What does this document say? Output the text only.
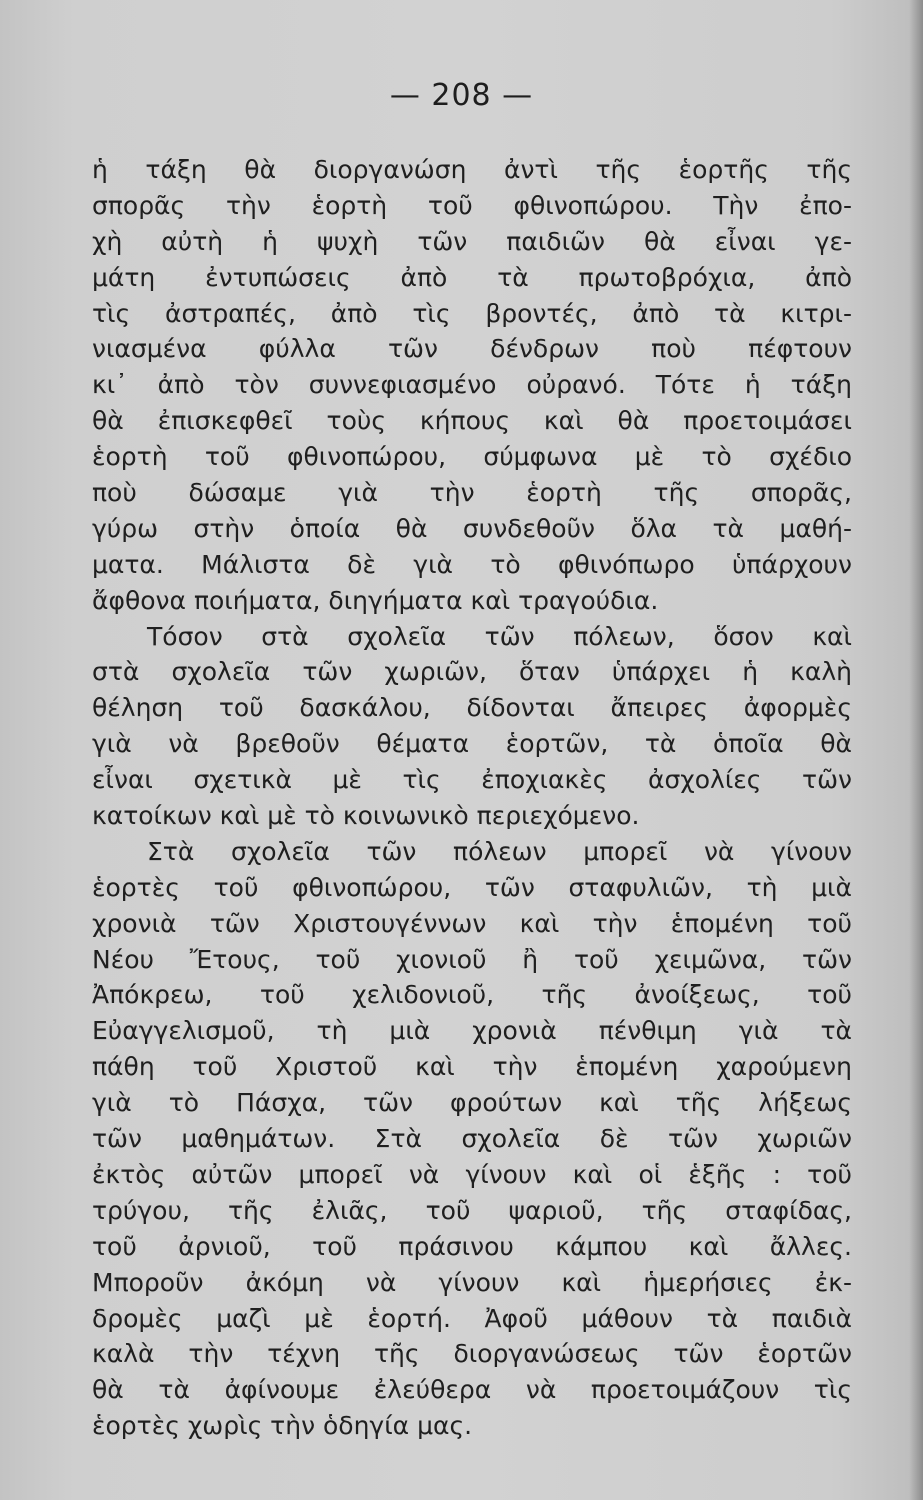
— 208 —
ἡ τάξη θὰ διοργανώση ἀντὶ τῆς ἑορτῆς τῆς
σπορᾶς τὴν ἑορτὴ τοῦ φθινοπώρου. Τὴν ἐπο-
χὴ αὐτὴ ἡ ψυχὴ τῶν παιδιῶν θὰ εἶναι γε-
μάτη ἐντυπώσεις ἀπὸ τὰ πρωτοβρόχια, ἀπὸ
τὶς ἀστραπές, ἀπὸ τὶς βροντές, ἀπὸ τὰ κιτρι-
νιασμένα φύλλα τῶν δένδρων ποὺ πέφτουν
κι᾽ ἀπὸ τὸν συννεφιασμένο οὐρανό. Τότε ἡ τάξη
θὰ ἐπισκεφθεῖ τοὺς κήπους καὶ θὰ προετοιμάσει
ἑορτὴ τοῦ φθινοπώρου, σύμφωνα μὲ τὸ σχέδιο
ποὺ δώσαμε γιὰ τὴν ἑορτὴ τῆς σπορᾶς,
γύρω στὴν ὁποία θὰ συνδεθοῦν ὅλα τὰ μαθή-
ματα. Μάλιστα δὲ γιὰ τὸ φθινόπωρο ὑπάρχουν
ἄφθονα ποιήματα, διηγήματα καὶ τραγούδια.
Τόσον στὰ σχολεῖα τῶν πόλεων, ὅσον καὶ
στὰ σχολεῖα τῶν χωριῶν, ὅταν ὑπάρχει ἡ καλὴ
θέληση τοῦ δασκάλου, δίδονται ἄπειρες ἀφορμὲς
γιὰ νὰ βρεθοῦν θέματα ἑορτῶν, τὰ ὁποῖα θὰ
εἶναι σχετικὰ μὲ τὶς ἐποχιακὲς ἀσχολίες τῶν
κατοίκων καὶ μὲ τὸ κοινωνικὸ περιεχόμενο.
Στὰ σχολεῖα τῶν πόλεων μπορεῖ νὰ γίνουν
ἑορτὲς τοῦ φθινοπώρου, τῶν σταφυλιῶν, τὴ μιὰ
χρονιὰ τῶν Χριστουγέννων καὶ τὴν ἑπομένη τοῦ
Νέου Ἔτους, τοῦ χιονιοῦ ἢ τοῦ χειμῶνα, τῶν
Ἀπόκρεω, τοῦ χελιδονιοῦ, τῆς ἀνοίξεως, τοῦ
Εὐαγγελισμοῦ, τὴ μιὰ χρονιὰ πένθιμη γιὰ τὰ
πάθη τοῦ Χριστοῦ καὶ τὴν ἑπομένη χαρούμενη
γιὰ τὸ Πάσχα, τῶν φρούτων καὶ τῆς λήξεως
τῶν μαθημάτων. Στὰ σχολεῖα δὲ τῶν χωριῶν
ἐκτὸς αὐτῶν μπορεῖ νὰ γίνουν καὶ οἱ ἑξῆς : τοῦ
τρύγου, τῆς ἐλιᾶς, τοῦ ψαριοῦ, τῆς σταφίδας,
τοῦ ἀρνιοῦ, τοῦ πράσινου κάμπου καὶ ἄλλες.
Μποροῦν ἀκόμη νὰ γίνουν καὶ ἡμερήσιες ἐκ-
δρομὲς μαζὶ μὲ ἑορτή. Ἀφοῦ μάθουν τὰ παιδιὰ
καλὰ τὴν τέχνη τῆς διοργανώσεως τῶν ἑορτῶν
θὰ τὰ ἀφίνουμε ἐλεύθερα νὰ προετοιμάζουν τὶς
ἑορτὲς χωρὶς τὴν ὁδηγία μας.
